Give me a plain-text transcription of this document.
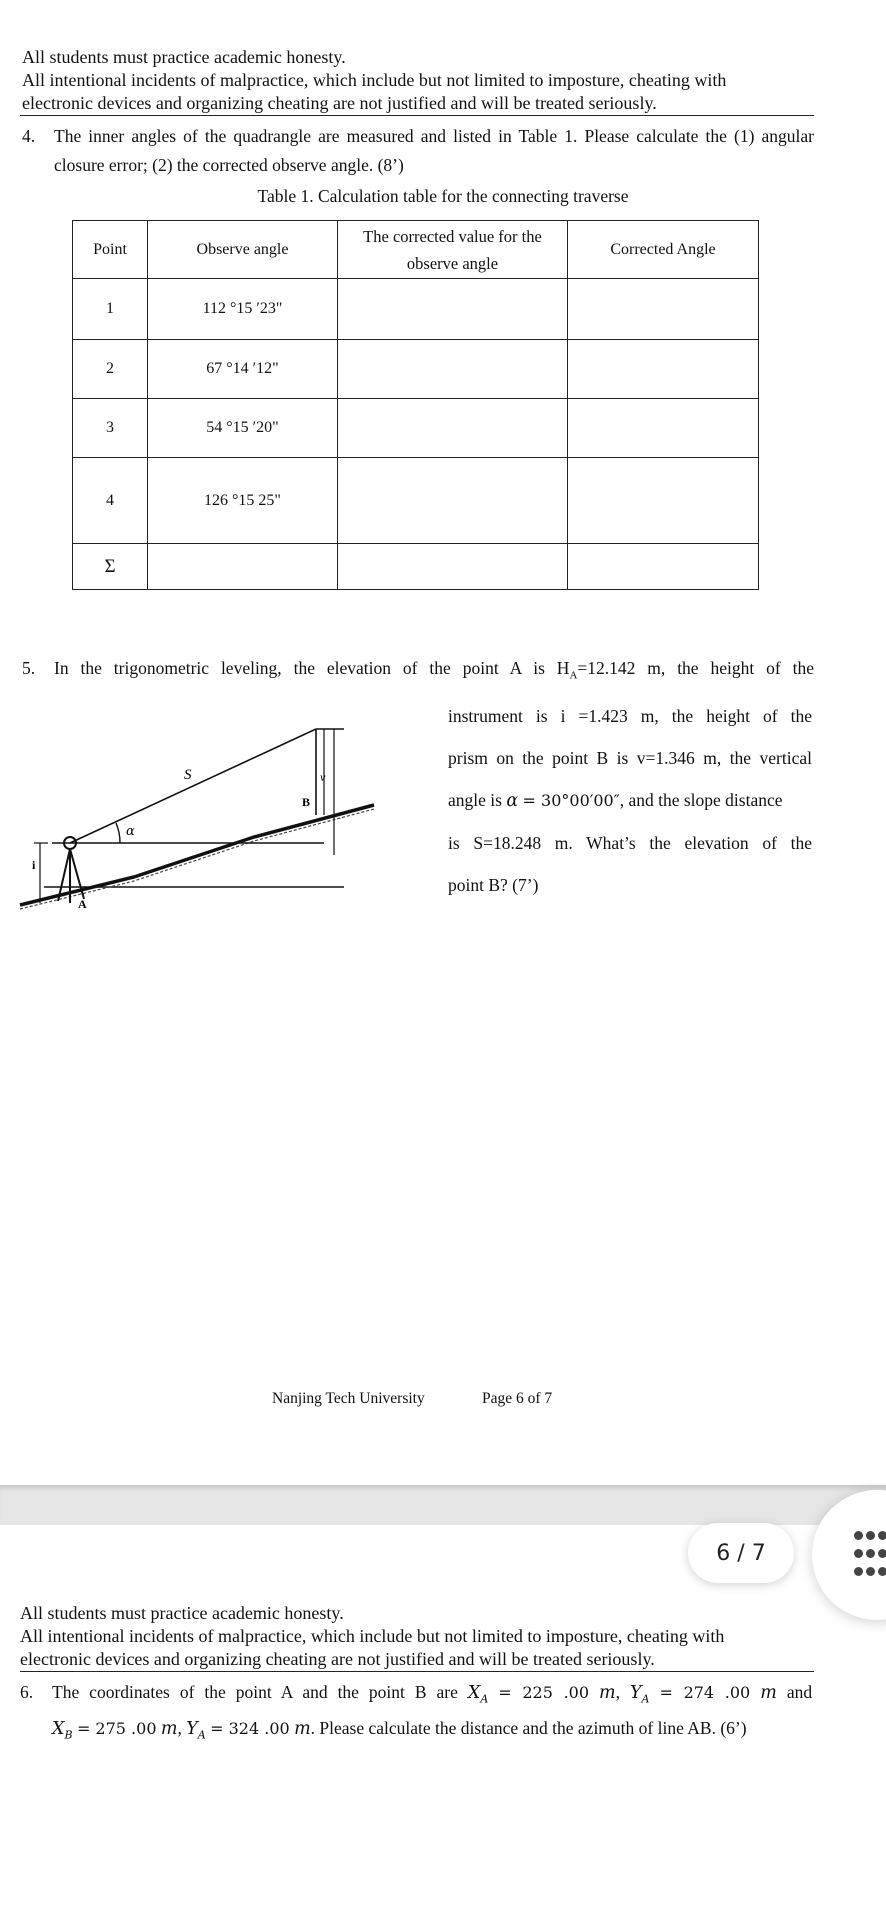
All students must practice academic honesty.
All intentional incidents of malpractice, which include but not limited to imposture, cheating with
electronic devices and organizing cheating are not justified and will be treated seriously.
4. The inner angles of the quadrangle are measured and listed in Table 1. Please calculate the (1) angular closure error; (2) the corrected observe angle. (8’)
Table 1. Calculation table for the connecting traverse
Point	Observe angle	The corrected value for the observe angle	Corrected Angle
1	112 °15 ′23"		
2	67 °14 ′12"		
3	54 °15 ′20"		
4	126 °15 25"		
Σ			
5. In the trigonometric leveling, the elevation of the point A is $H_A=12.142$ m, the height of the
S
α
v
B
A
i
instrument is i =1.423 m, the height of the
prism on the point B is v=1.346 m, the vertical
angle is α = 30°00′00″, and the slope distance
is S=18.248 m. What’s the elevation of the
point B? (7’)
Nanjing Tech University	Page 6 of 7
All students must practice academic honesty.
All intentional incidents of malpractice, which include but not limited to imposture, cheating with
electronic devices and organizing cheating are not justified and will be treated seriously.
6. The coordinates of the point A and the point B are $X_A = 225$ .00 m, $Y_A = 274$ .00 m and
$X_B = 275$ .00 m, $Y_A = 324$ .00 m. Please calculate the distance and the azimuth of line AB. (6’)
6 / 7
